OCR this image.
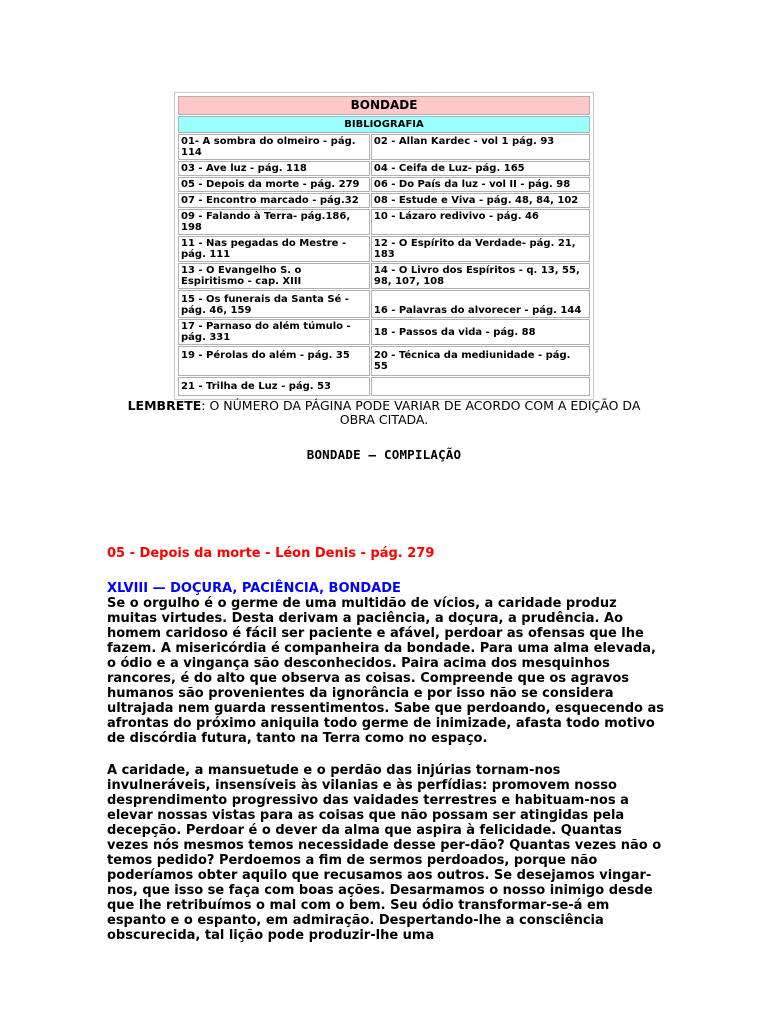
BONDADE	
BIBLIOGRAFIA	
01- A sombra do olmeiro - pág. 114	02 - Allan Kardec - vol 1 pág. 93
03 - Ave luz - pág. 118	04 - Ceifa de Luz- pág. 165
05 - Depois da morte - pág. 279	06 - Do País da luz - vol II - pág. 98
07 - Encontro marcado - pág.32	08 - Estude e Viva - pág. 48, 84, 102
09 - Falando à Terra- pág.186, 198	10 - Lázaro redivivo - pág. 46
11 - Nas pegadas do Mestre - pág. 111	12 - O Espírito da Verdade- pág. 21, 183
13 - O Evangelho S. o Espiritismo - cap. XIII	14 - O Livro dos Espíritos - q. 13, 55, 98, 107, 108
15 - Os funerais da Santa Sé - pág. 46, 159	16 - Palavras do alvorecer - pág. 144
17 - Parnaso do além túmulo - pág. 331	18 - Passos da vida - pág. 88
19 - Pérolas do além - pág. 35	20 - Técnica da mediunidade - pág. 55
21 - Trilha de Luz - pág. 53	
LEMBRETE: O NÚMERO DA PÁGINA PODE VARIAR DE ACORDO COM A EDIÇÃO DA OBRA CITADA.
BONDADE – COMPILAÇÃO
05 - Depois da morte - Léon Denis - pág. 279
XLVIII — DOÇURA, PACIÊNCIA, BONDADE

Se o orgulho é o germe de uma multidão de vícios, a caridade produz muitas virtudes. Desta derivam a paciência, a doçura, a prudência. Ao homem caridoso é fácil ser paciente e afável, perdoar as ofensas que lhe fazem. A misericórdia é companheira da bondade. Para uma alma elevada, o ódio e a vingança são desconhecidos. Paira acima dos mesquinhos rancores, é do alto que observa as coisas. Compreende que os agravos humanos são provenientes da ignorância e por isso não se considera ultrajada nem guarda ressentimentos. Sabe que perdoando, esquecendo as afrontas do próximo aniquila todo germe de inimizade, afasta todo motivo de discórdia futura, tanto na Terra como no espaço.

A caridade, a mansuetude e o perdão das injúrias tornam-nos invulneráveis, insensíveis às vilanias e às perfídias: promovem nosso desprendimento progressivo das vaidades terrestres e habituam-nos a elevar nossas vistas para as coisas que não possam ser atingidas pela decepção. Perdoar é o dever da alma que aspira à felicidade. Quantas vezes nós mesmos temos necessidade desse per-dão? Quantas vezes não o temos pedido? Perdoemos a fim de sermos perdoados, porque não poderíamos obter aquilo que recusamos aos outros. Se desejamos vingar-nos, que isso se faça com boas ações. Desarmamos o nosso inimigo desde que lhe retribuímos o mal com o bem. Seu ódio transformar-se-á em espanto e o espanto, em admiração. Despertando-lhe a consciência obscurecida, tal lição pode produzir-lhe uma
